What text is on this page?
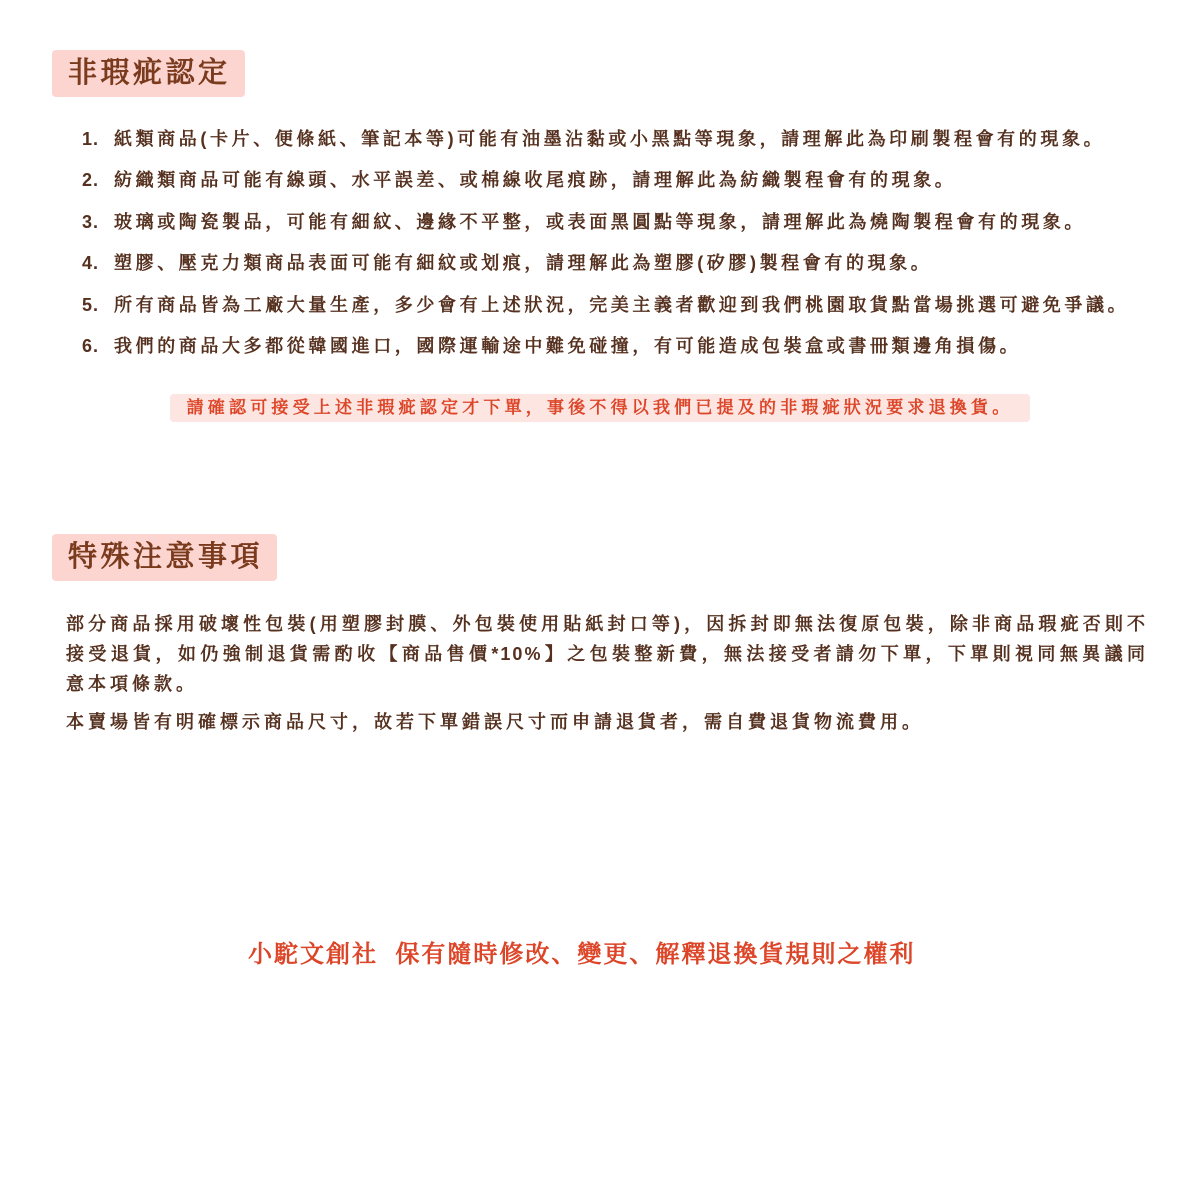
非瑕疵認定
1. 紙類商品(卡片、便條紙、筆記本等)可能有油墨沾黏或小黑點等現象，請理解此為印刷製程會有的現象。
2. 紡織類商品可能有線頭、水平誤差、或棉線收尾痕跡，請理解此為紡織製程會有的現象。
3. 玻璃或陶瓷製品，可能有細紋、邊緣不平整，或表面黑圓點等現象，請理解此為燒陶製程會有的現象。
4. 塑膠、壓克力類商品表面可能有細紋或划痕，請理解此為塑膠(矽膠)製程會有的現象。
5. 所有商品皆為工廠大量生產，多少會有上述狀況，完美主義者歡迎到我們桃園取貨點當場挑選可避免爭議。
6. 我們的商品大多都從韓國進口，國際運輸途中難免碰撞，有可能造成包裝盒或書冊類邊角損傷。
請確認可接受上述非瑕疵認定才下單，事後不得以我們已提及的非瑕疵狀況要求退換貨。
特殊注意事項
部分商品採用破壞性包裝(用塑膠封膜、外包裝使用貼紙封口等)，因拆封即無法復原包裝，除非商品瑕疵否則不
接受退貨，如仍強制退貨需酌收【商品售價*10%】之包裝整新費，無法接受者請勿下單，下單則視同無異議同
意本項條款。
本賣場皆有明確標示商品尺寸，故若下單錯誤尺寸而申請退貨者，需自費退貨物流費用。
小駝文創社  保有隨時修改、變更、解釋退換貨規則之權利
